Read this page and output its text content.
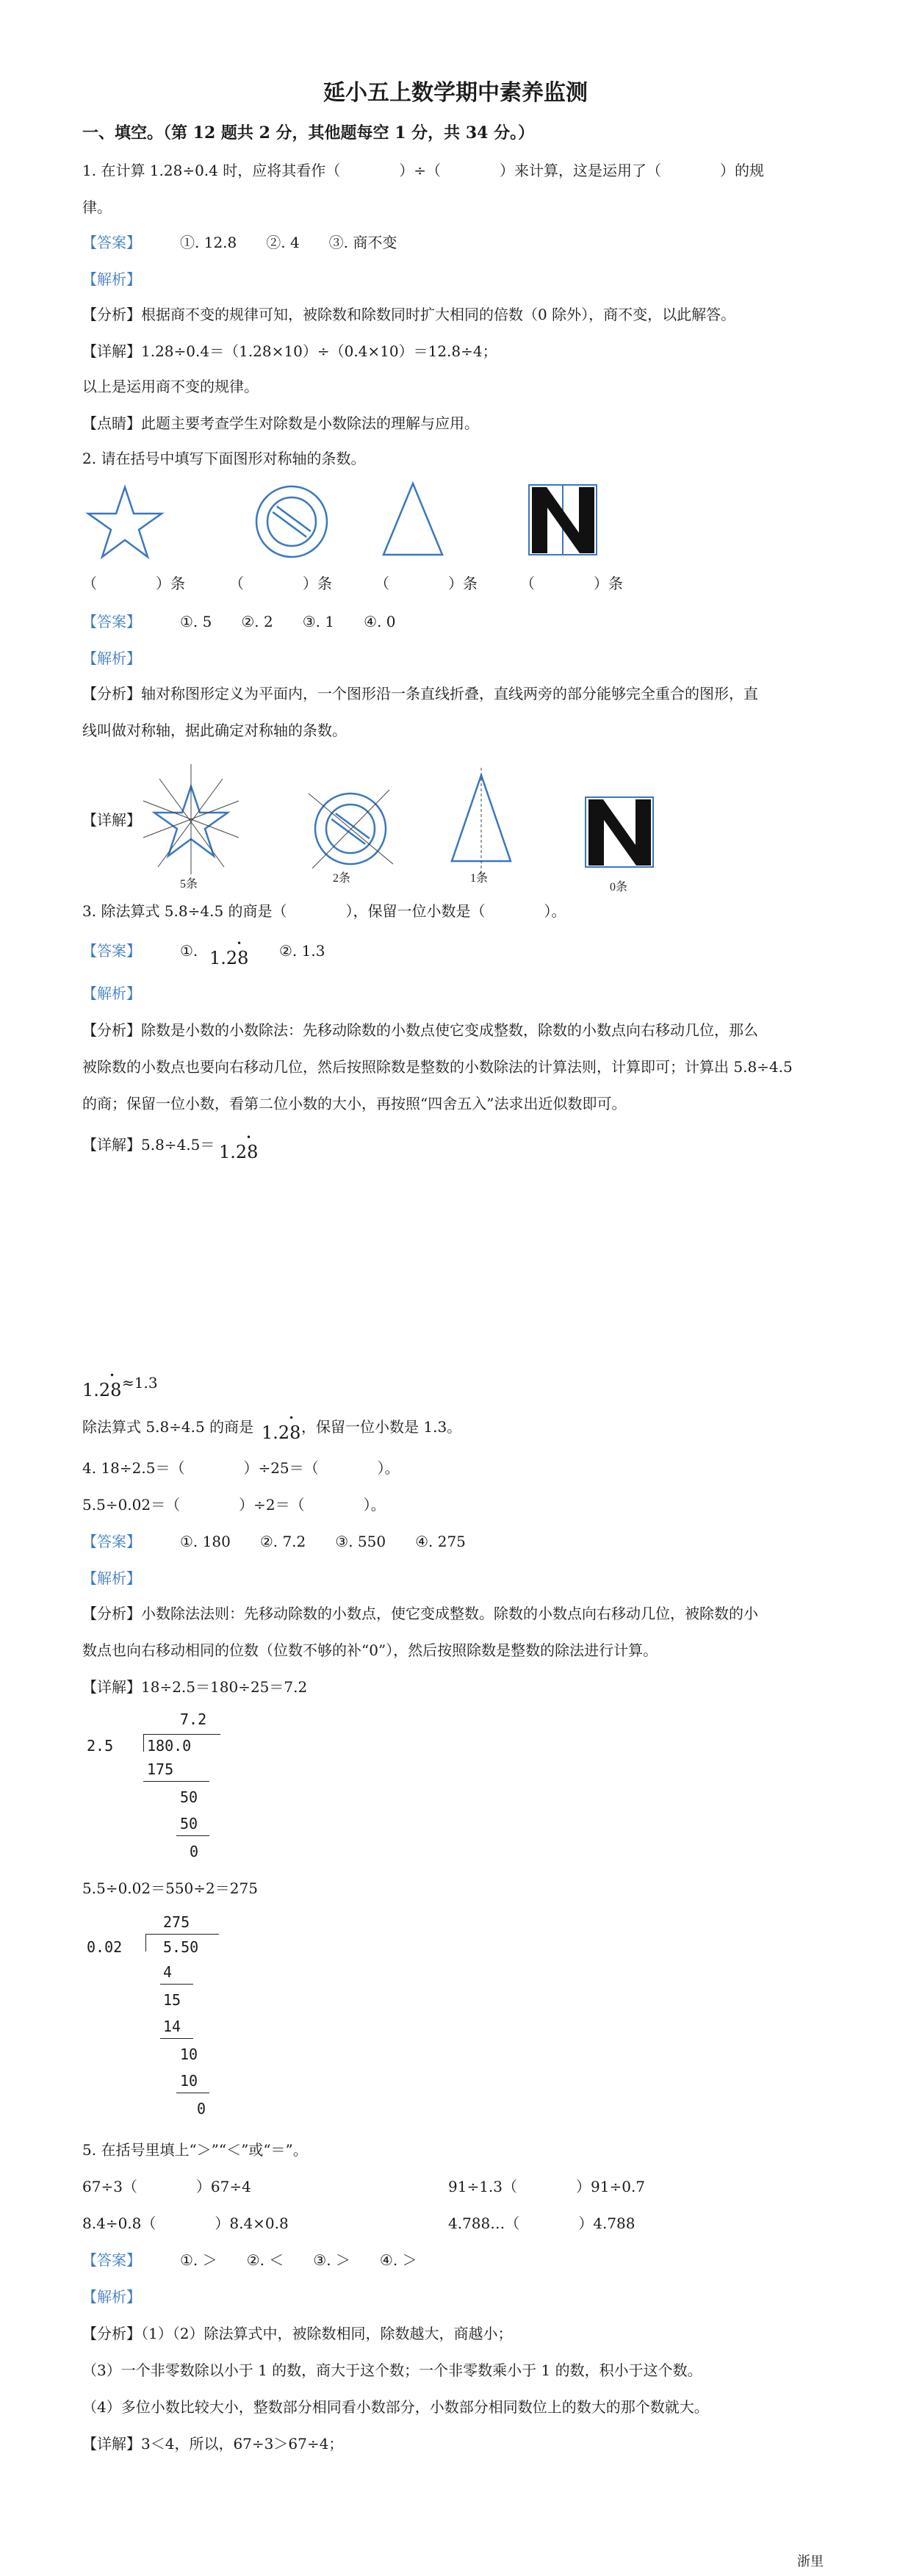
延小五上数学期中素养监测
一、填空。（第 12 题共 2 分，其他题每空 1 分，共 34 分。）
1. 在计算 1.28÷0.4 时，应将其看作（　　　　）÷（　　　　）来计算，这是运用了（　　　　）的规
律。
【答案】	①. 12.8　　②. 4　　③. 商不变
【解析】
【分析】根据商不变的规律可知，被除数和除数同时扩大相同的倍数（0 除外），商不变，以此解答。
【详解】1.28÷0.4＝（1.28×10）÷（0.4×10）＝12.8÷4；
以上是运用商不变的规律。
【点睛】此题主要考查学生对除数是小数除法的理解与应用。
2. 请在括号中填写下面图形对称轴的条数。
（　　　　）条	（　　　　）条	（　　　　）条	（　　　　）条
【答案】	①. 5　　②. 2　　③. 1　　④. 0
【解析】
【分析】轴对称图形定义为平面内，一个图形沿一条直线折叠，直线两旁的部分能够完全重合的图形，直
线叫做对称轴，据此确定对称轴的条数。
【详解】
5条	2条	1条
0条
3. 除法算式 5.8÷4.5 的商是（　　　　），保留一位小数是（　　　　）。
【答案】	①. 1.28
•	②. 1.3
【解析】
【分析】除数是小数的小数除法：先移动除数的小数点使它变成整数，除数的小数点向右移动几位，那么
被除数的小数点也要向右移动几位，然后按照除数是整数的小数除法的计算法则，计算即可；计算出 5.8÷4.5
的商；保留一位小数，看第二位小数的大小，再按照“四舍五入”法求出近似数即可。
【详解】5.8÷4.5＝ 1.28
•
1.28
• ≈1.3
除法算式 5.8÷4.5 的商是 1.28
• ，保留一位小数是 1.3。
4. 18÷2.5＝（　　　　）÷25＝（　　　　）。
5.5÷0.02＝（　　　　）÷2＝（　　　　）。
【答案】	①. 180　　②. 7.2　　③. 550　　④. 275
【解析】
【分析】小数除法法则：先移动除数的小数点，使它变成整数。除数的小数点向右移动几位，被除数的小
数点也向右移动相同的位数（位数不够的补“0”），然后按照除数是整数的除法进行计算。
【详解】18÷2.5＝180÷25＝7.2
7.2
2.5 180.0
175
50
50
0
5.5÷0.02＝550÷2＝275
275
0.02	5.50
4
15
14
10
10
0
5. 在括号里填上“＞”“＜”或“＝”。
67÷3（　　　　）67÷4	91÷1.3（　　　　）91÷0.7
8.4÷0.8（　　　　）8.4×0.8	4.788…（　　　　）4.788
【答案】	①. ＞　　②. ＜　　③. ＞　　④. ＞
【解析】
【分析】（1）（2）除法算式中，被除数相同，除数越大，商越小；
（3）一个非零数除以小于 1 的数，商大于这个数；一个非零数乘小于 1 的数，积小于这个数。
（4）多位小数比较大小，整数部分相同看小数部分，小数部分相同数位上的数大的那个数就大。
【详解】3＜4，所以，67÷3＞67÷4；
浙里
